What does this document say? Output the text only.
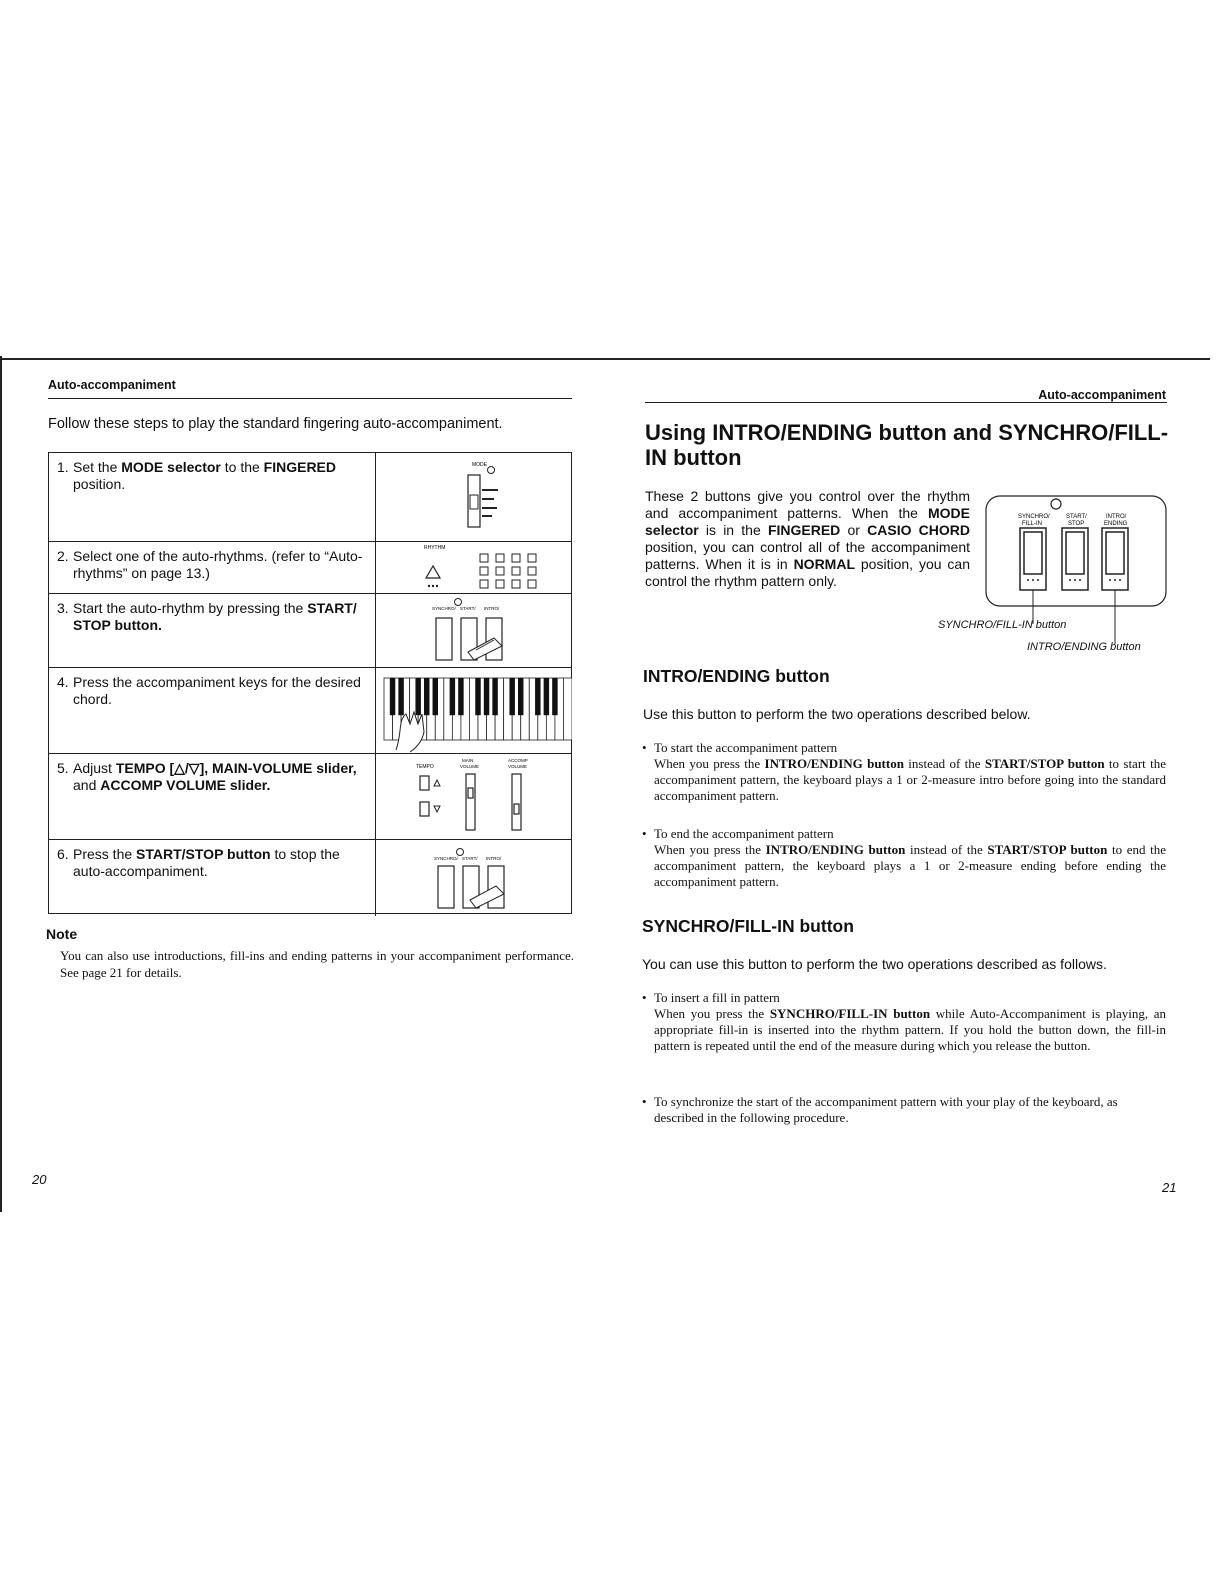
Auto-accompaniment
Follow these steps to play the standard fingering auto-accompaniment.
1. Set the MODE selector to the FINGERED position.
MODE
2. Select one of the auto-rhythms. (refer to “Auto-rhythms” on page 13.)
RHYTHM
3. Start the auto-rhythm by pressing the START/ STOP button.
SYNCHRO/ START/ INTRO/
4. Press the accompaniment keys for the desired chord.
5. Adjust TEMPO [△/▽], MAIN-VOLUME slider, and ACCOMP VOLUME slider.
TEMPO
MAIN
VOLUME
ACCOMP
VOLUME
6. Press the START/STOP button to stop the auto-accompaniment.
SYNCHRO/ START/ INTRO/
Note
You can also use introductions, fill-ins and ending patterns in your accompaniment performance. See page 21 for details.
20
Auto-accompaniment
Using INTRO/ENDING button and SYNCHRO/FILL-IN button
These 2 buttons give you control over the rhythm and accompaniment patterns. When the MODE selector is in the FINGERED or CASIO CHORD position, you can control all of the accompaniment patterns. When it is in NORMAL position, you can control the rhythm pattern only.
SYNCHRO/
FILL-IN
START/
STOP
INTRO/
ENDING
SYNCHRO/FILL-IN button
INTRO/ENDING button
INTRO/ENDING button
Use this button to perform the two operations described below.
• To start the accompaniment pattern
When you press the INTRO/ENDING button instead of the START/STOP button to start the accompaniment pattern, the keyboard plays a 1 or 2-measure intro before going into the standard accompaniment pattern.
• To end the accompaniment pattern
When you press the INTRO/ENDING button instead of the START/STOP button to end the accompaniment pattern, the keyboard plays a 1 or 2-measure ending before ending the accompaniment pattern.
SYNCHRO/FILL-IN button
You can use this button to perform the two operations described as follows.
• To insert a fill in pattern
When you press the SYNCHRO/FILL-IN button while Auto-Accompaniment is playing, an appropriate fill-in is inserted into the rhythm pattern. If you hold the button down, the fill-in pattern is repeated until the end of the measure during which you release the button.
• To synchronize the start of the accompaniment pattern with your play of the keyboard, as described in the following procedure.
21
